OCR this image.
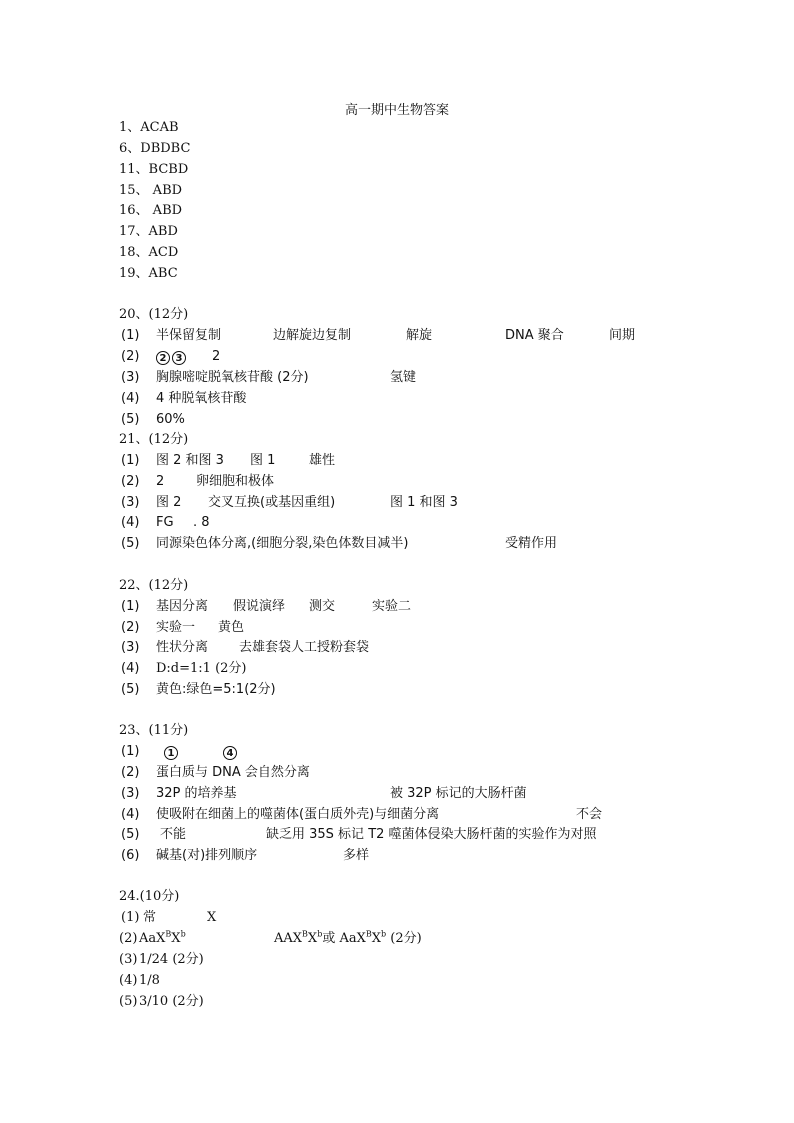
高一期中生物答案
1、ACAB
6、DBDBC
11、BCBD
15、 ABD
16、 ABD
17、ABD
18、ACD
19、ABC
20、(12分)
(1) 半保留复制	边解旋边复制	解旋	DNA 聚合	间期
(2)	2 3	2
(3) 胸腺嘧啶脱氧核苷酸 (2分)	氢键
(4) 4 种脱氧核苷酸
(5) 60%
21、(12分)
(1) 图 2 和图 3 图 1	雄性
(2) 2 卵细胞和极体
(3) 图 2 交叉互换(或基因重组)	图 1 和图 3
(4) FG . 8
(5) 同源染色体分离,(细胞分裂,染色体数目减半)	受精作用
22、(12分)
(1) 基因分离 假说演绎 测交	实验二
(2) 实验一 黄色
(3) 性状分离 去雄套袋人工授粉套袋
(4) D:d=1:1 (2分)
(5) 黄色:绿色=5:1(2分)
23、(11分)
(1)	1	4
(2) 蛋白质与 DNA 会自然分离
(3) 32P 的培养基	被 32P 标记的大肠杆菌
(4) 使吸附在细菌上的噬菌体(蛋白质外壳)与细菌分离	不会
(5) 不能	缺乏用 35S 标记 T2 噬菌体侵染大肠杆菌的实验作为对照
(6) 碱基(对)排列顺序	多样
24.(10分)
(1) 常	X
(2) $AaX^BX^b$	$AAX^BX^b$或 $AaX^BX^b$ (2分)
(3) 1/24 (2分)
(4) 1/8
(5) 3/10 (2分)
